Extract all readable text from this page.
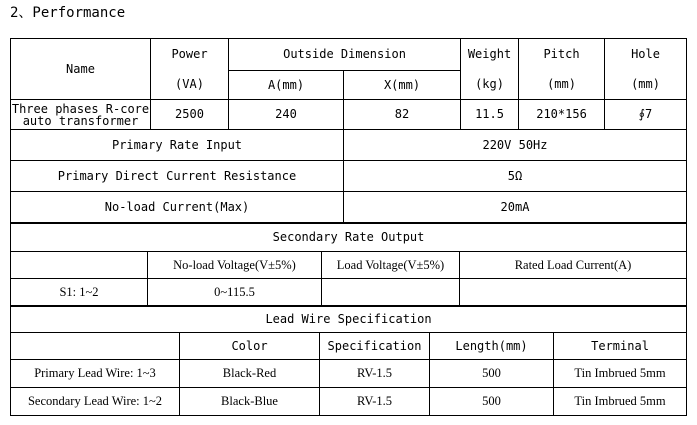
2、Performance
Name	Power	Outside Dimension		Weight	Pitch	Hole
	(VA)	A(mm)	X(mm)	(kg)	(mm)	(mm)

Three phases R-core
auto transformer	2500	240	82	11.5	210*156	∮7
Primary Rate Input			220V 50Hz			
Primary Direct Current Resistance			5Ω			
No-load Current(Max)			20mA			
Secondary Rate Output			
	No-load Voltage(V±5%)	Load Voltage(V±5%)	Rated Load Current(A)
S1: 1~2	0~115.5		
Lead Wire Specification				
	Color	Specification	Length(mm)	Terminal
Primary Lead Wire: 1~3	Black-Red	RV-1.5	500	Tin Imbrued 5mm
Secondary Lead Wire: 1~2	Black-Blue	RV-1.5	500	Tin Imbrued 5mm
